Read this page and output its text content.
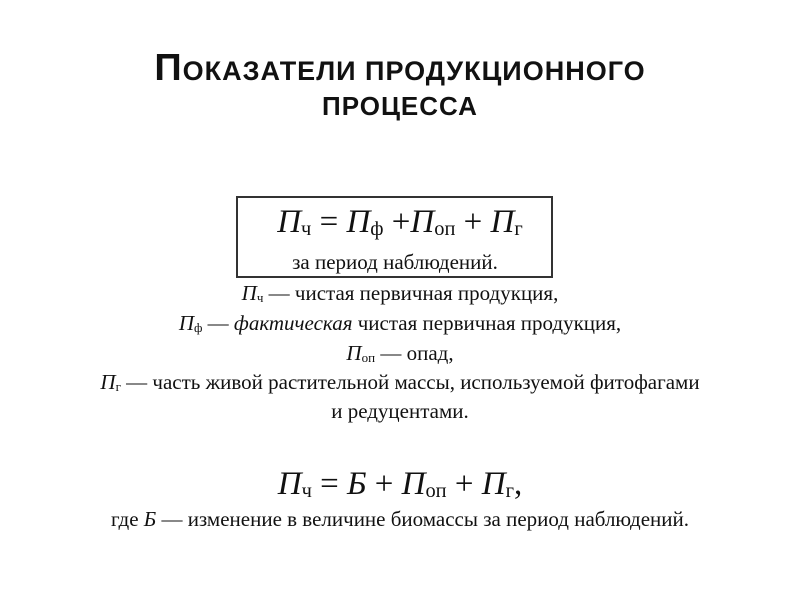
ПОКАЗАТЕЛИ ПРОДУКЦИОННОГО
ПРОЦЕССА
$П_ч = П_ф +П_{оп} + П_г$
за период наблюдений.
$П_ч$ — чистая первичная продукция,
$П_ф$ — фактическая чистая первичная продукция,
$П_{оп}$ — опад,
$П_г$ — часть живой растительной массы, используемой фитофагами
и редуцентами.
$П_ч = Б + П_{оп} + П_г$,
где Б — изменение в величине биомассы за период наблюдений.
